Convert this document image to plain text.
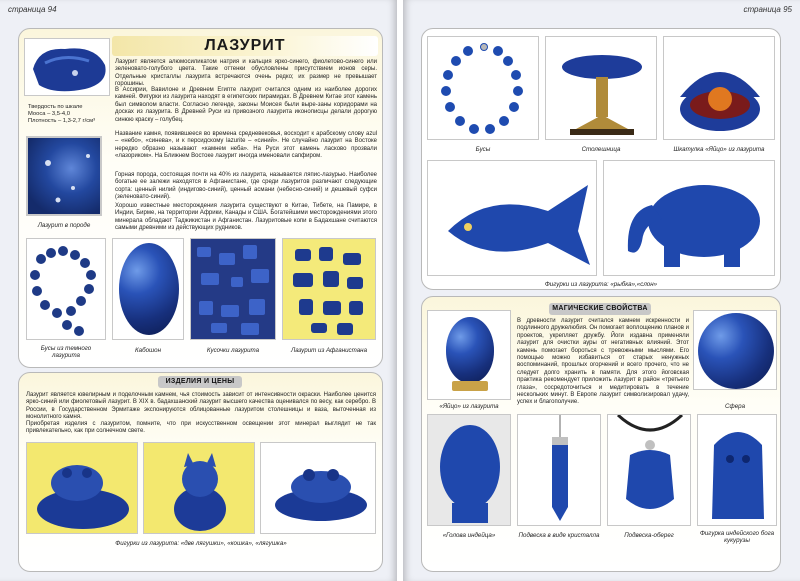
страница 94
ЛАЗУРИТ
Лазурит является алюмосиликатом натрия и кальция ярко-синего, фиолетово-синего или зеленовато-голубого цвета. Такие оттенки обусловлены присутствием ионов серы. Отдельные кристаллы лазурита встречаются очень редко; их размер не превышает горошины.
Твердость по шкале
Мооса – 3,5-4,0
Плотность – 1,3-2,7 г/см³
В Ассирии, Вавилоне и Древнем Египте лазурит считался одним из наиболее дорогих камней. Фигурки из лазурита находят в египетских пирамидах. В Древнем Китае этот камень был символом власти. Согласно легенде, законы Моисея были выре-заны коридорами на досках из лазурита. В Древней Руси из привозного лазурита иконописцы делали дорогую синюю краску – голубец.
Название камня, появившееся во времена средневековья, восходит к арабскому слову azul – «небо», «синева», и к персидскому lazurite – «синий». Не случайно лазурит на Востоке нередко образно называют «камнем неба». На Руси этот камень ласково прозвали «лазориком». На Ближнем Востоке лазурит иногда именовали сапфиром.
Горная порода, состоящая почти на 40% из лазурита, называется ляпис-лазурью. Наиболее богатые ее залежи находятся в Афганистане, где среди лазуритов различают следующие сорта: ценный нилий (индигово-синий), ценный асмани (небесно-синий) и дешевый суфси (зеленовато-синий).
Хорошо известные месторождения лазурита существуют в Китае, Тибете, на Памире, в Индии, Бирме, на территории Африки, Канады и США. Богатейшими месторождениями этого минерала обладают Таджикистан и Афганистан. Лазуритовые копи в Бадахшане считаются самыми древними из действующих рудников.
Лазурит в породе
Бусы из темного лазурита
Кабошон	Кусочки лазурита	Лазурит из Афганистана
ИЗДЕЛИЯ И ЦЕНЫ
Лазурит является ювелирным и поделочным камнем, чья стоимость зависит от интенсивности окраски. Наиболее ценится ярко-синий или фиолетовый лазурит. В XIX в. бадахшанский лазурит высшего качества оценивался по весу, как серебро. В России, в Государственном Эрмитаже экспонируются облицованные лазуритом столешницы и ваза, выточенная из монолитного камня.
Приобретая изделия с лазуритом, помните, что при искусственном освещении этот минерал выглядит не так привлекательно, как при солнечном свете.
Фигурки из лазурита: «две лягушки», «кошка», «лягушка»
страница 95
Бусы	Столешница	Шкатулка «Яйцо» из лазурита
Фигурки из лазурита: «рыбка»,«слон»
МАГИЧЕСКИЕ СВОЙСТВА
«Яйцо» из лазурита
В древности лазурит считался камнем искренности и подлинного дружелюбия. Он помогает воплощению планов и проектов, укрепляет дружбу. Йоги издавна применяли лазурит для очистки ауры от негативных влияний. Этот камень помогает бороться с тревожными мыслями. Его помощью можно избавиться от старых ненужных воспоминаний, прошлых огорчений и всего прочего, что не следует долго хранить в памяти. Для этого йоговская практика рекомендует приложить лазурит в район «третьего глаза», сосредоточиться и медитировать в течение нескольких минут. В Европе лазурит символизировал удачу, успех и благополучие.
Сфера
«Голова индейца»	Подвеска в виде кристалла	Подвеска-оберег	Фигурка индейского бога кукурузы
